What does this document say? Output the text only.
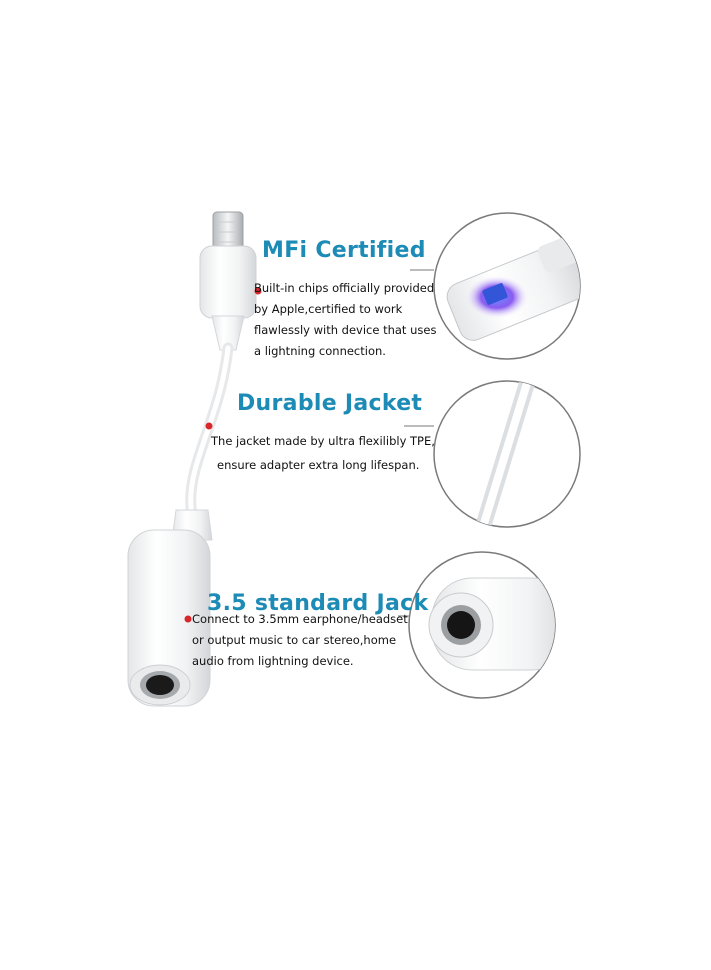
MFi Certified
Built-in chips officially provided
by Apple,certified to work
flawlessly with device that uses
a lightning connection.
Durable Jacket
The jacket made by ultra flexilibly TPE,
ensure adapter extra long lifespan.
3.5 standard Jack
Connect to 3.5mm earphone/headset
or output music to car stereo,home
audio from lightning device.
